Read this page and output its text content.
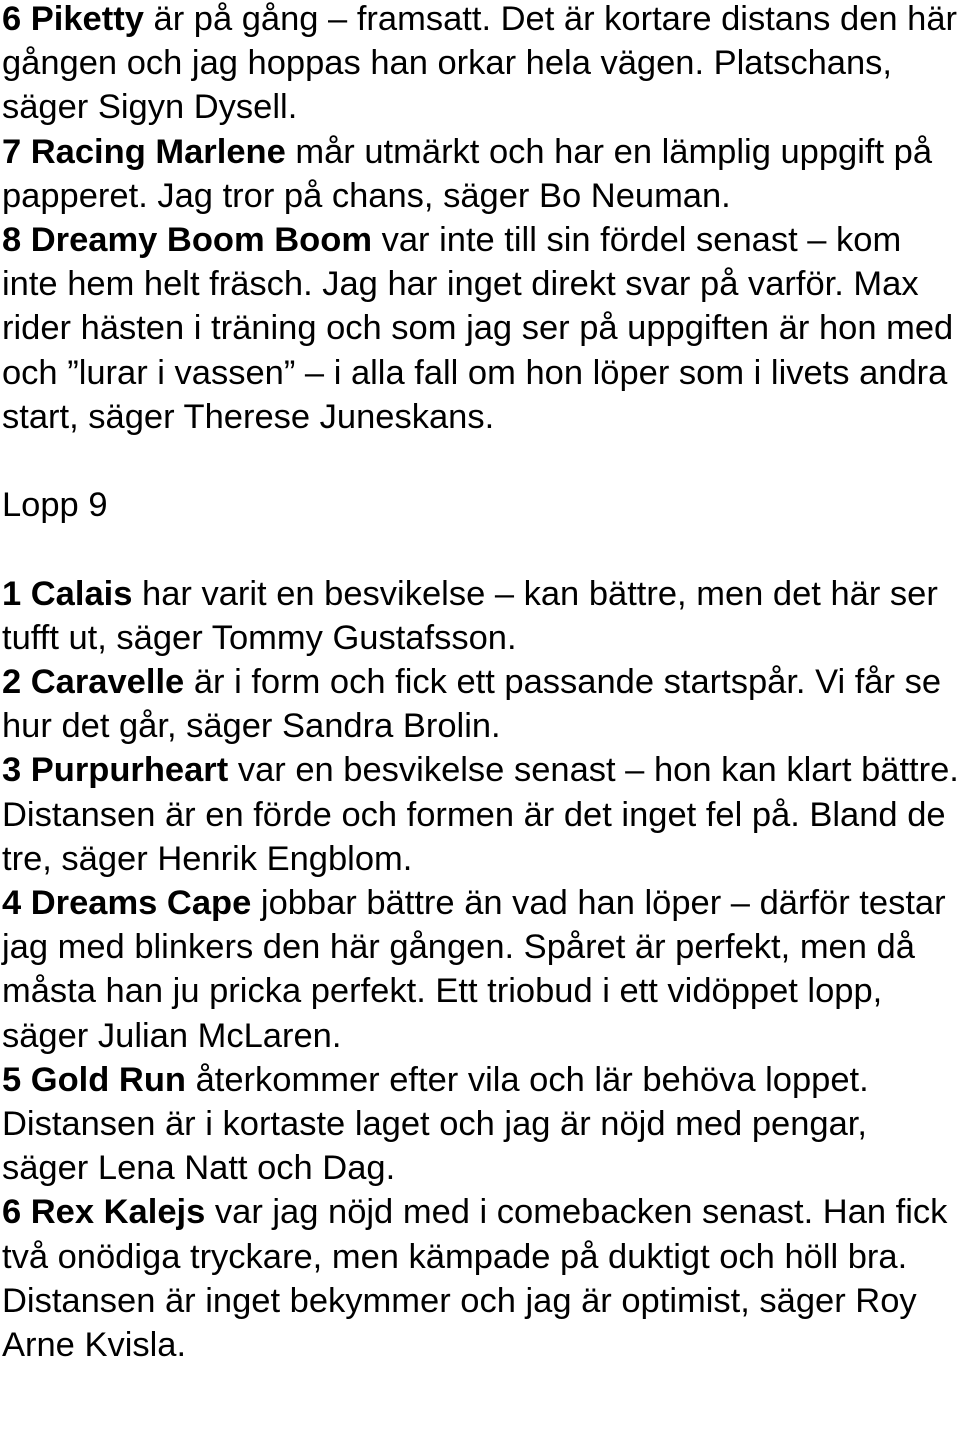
6 Piketty är på gång – framsatt. Det är kortare distans den här gången och jag hoppas han orkar hela vägen. Platschans, säger Sigyn Dysell.

7 Racing Marlene mår utmärkt och har en lämplig uppgift på papperet. Jag tror på chans, säger Bo Neuman.

8 Dreamy Boom Boom var inte till sin fördel senast – kom inte hem helt fräsch. Jag har inget direkt svar på varför. Max rider hästen i träning och som jag ser på uppgiften är hon med och ”lurar i vassen” – i alla fall om hon löper som i livets andra start, säger Therese Juneskans.

Lopp 9

1 Calais har varit en besvikelse – kan bättre, men det här ser tufft ut, säger Tommy Gustafsson.

2 Caravelle är i form och fick ett passande startspår. Vi får se hur det går, säger Sandra Brolin.

3 Purpurheart var en besvikelse senast – hon kan klart bättre. Distansen är en förde och formen är det inget fel på. Bland de tre, säger Henrik Engblom.

4 Dreams Cape jobbar bättre än vad han löper – därför testar jag med blinkers den här gången. Spåret är perfekt, men då måsta han ju pricka perfekt. Ett triobud i ett vidöppet lopp, säger Julian McLaren.

5 Gold Run återkommer efter vila och lär behöva loppet. Distansen är i kortaste laget och jag är nöjd med pengar, säger Lena Natt och Dag.

6 Rex Kalejs var jag nöjd med i comebacken senast. Han fick två onödiga tryckare, men kämpade på duktigt och höll bra. Distansen är inget bekymmer och jag är optimist, säger Roy Arne Kvisla.
